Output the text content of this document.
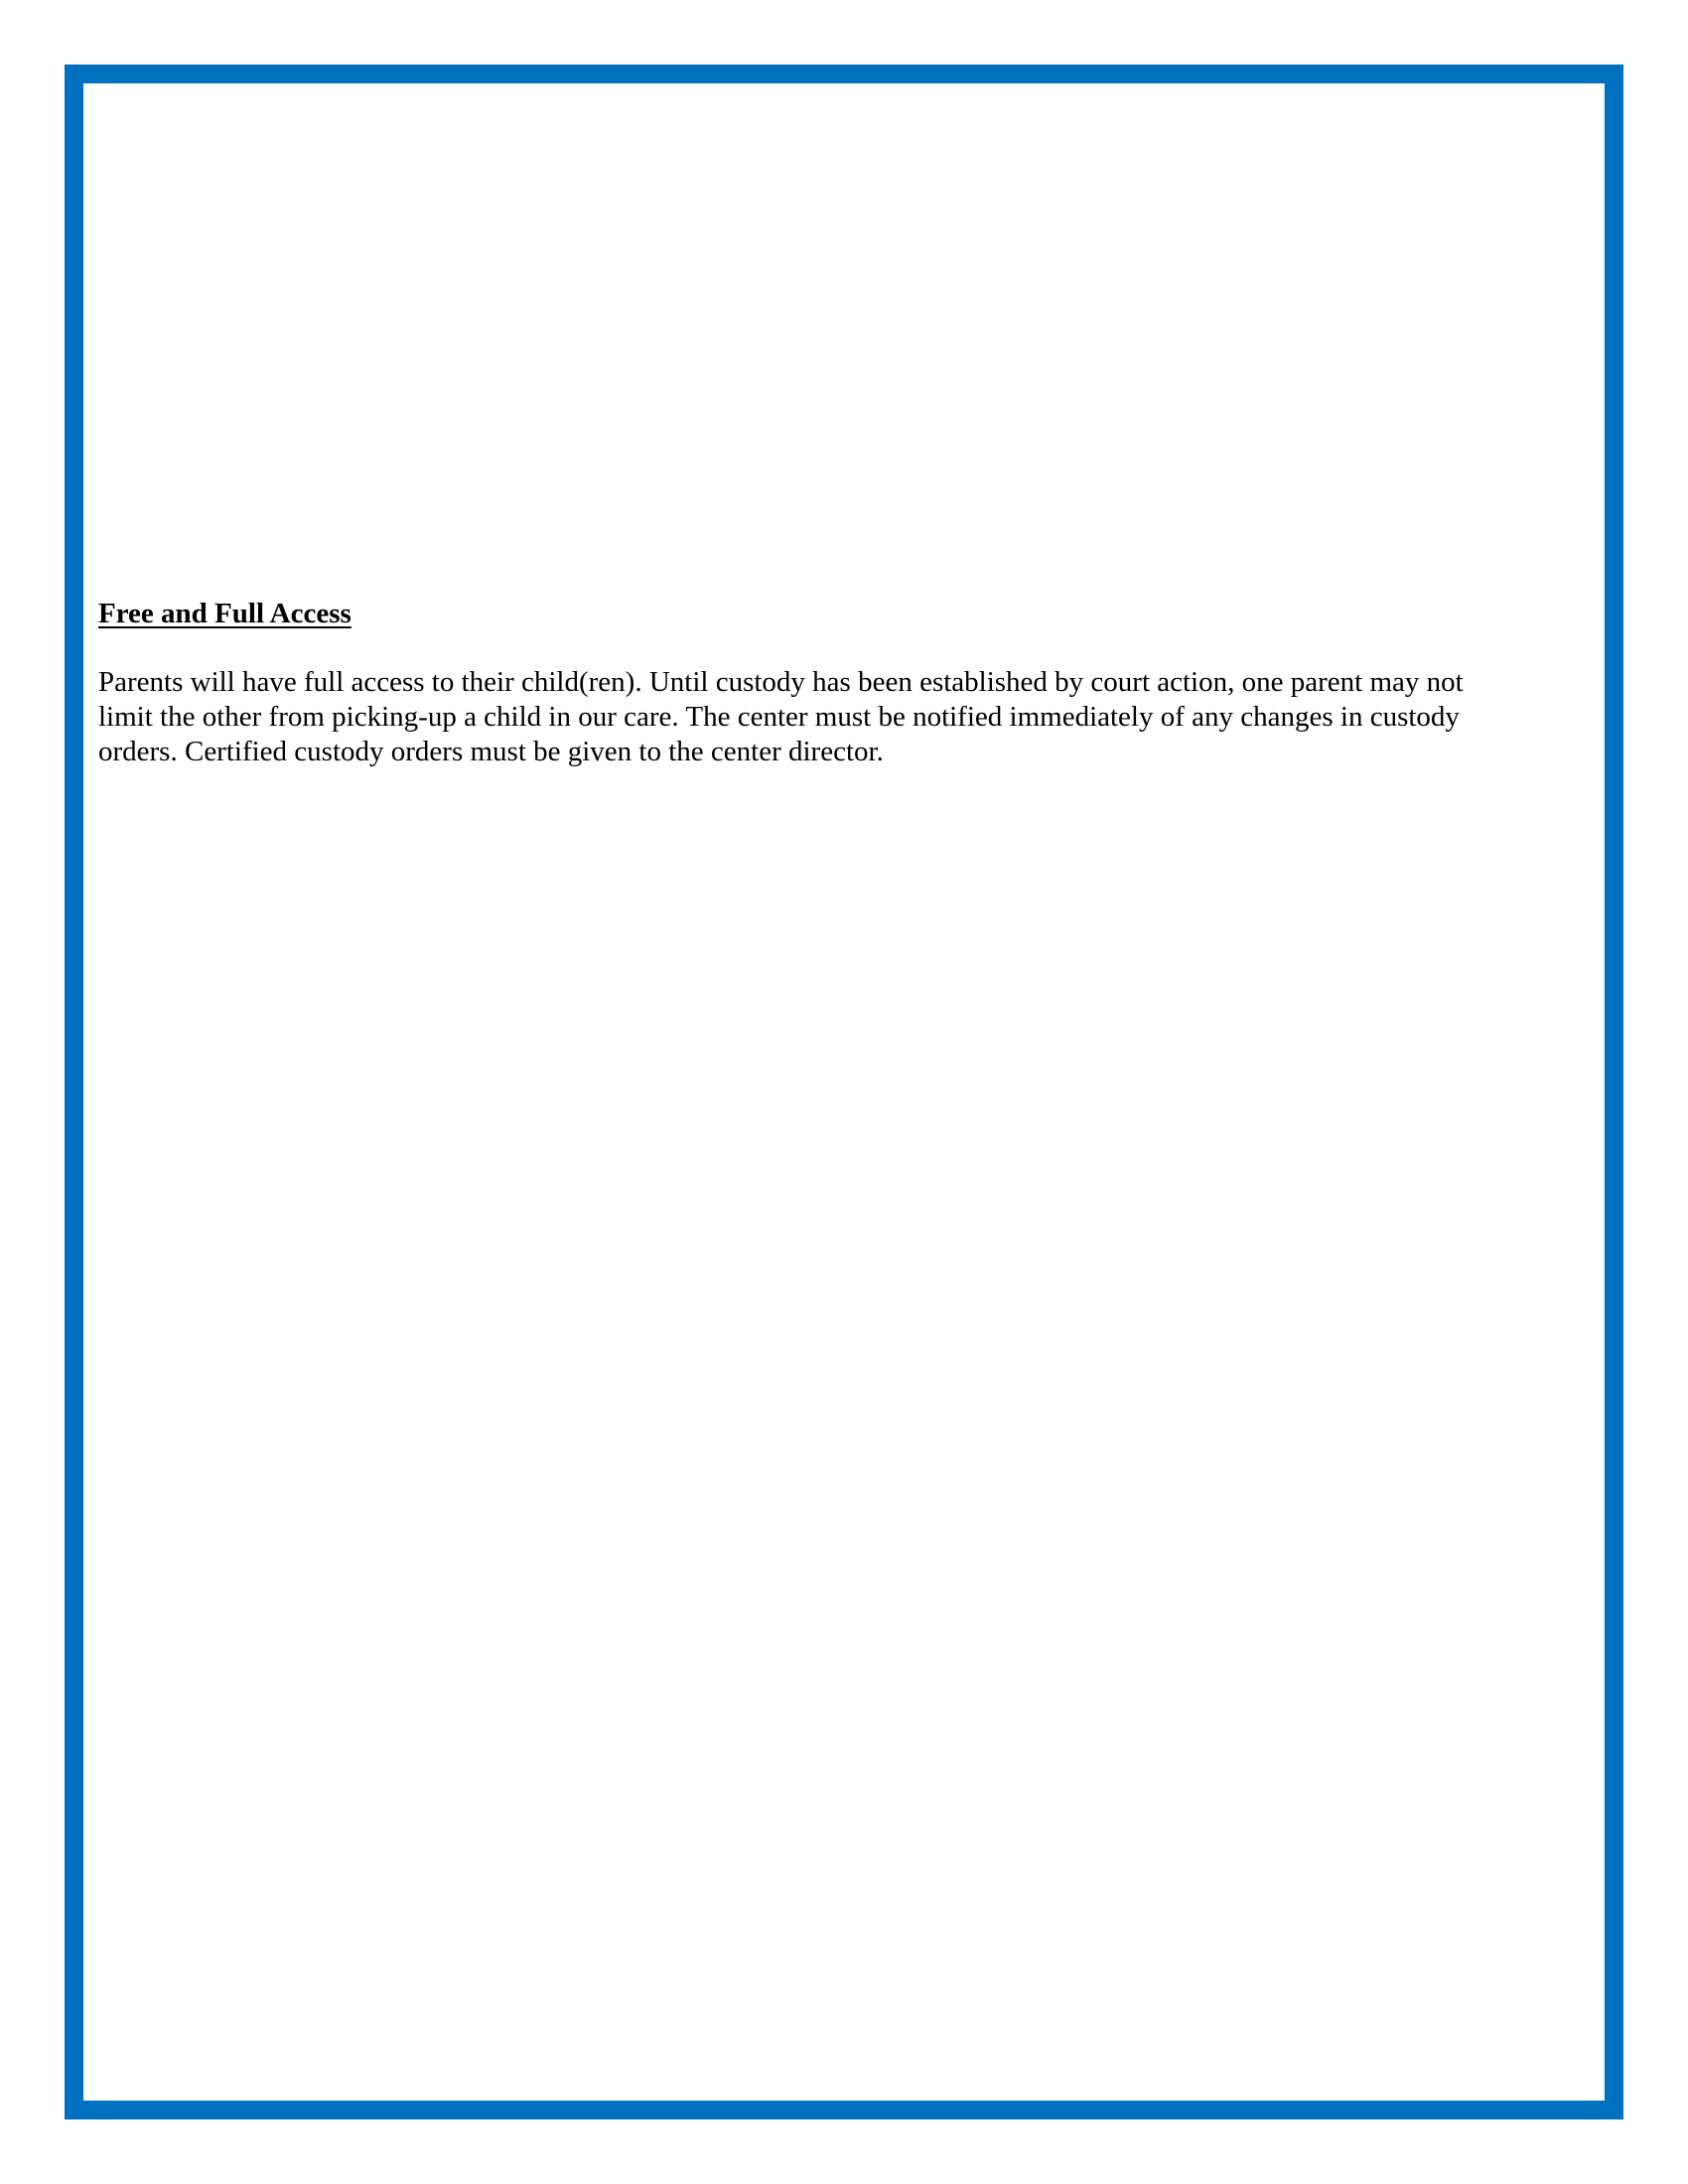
Free and Full Access

Parents will have full access to their child(ren). Until custody has been established by court action, one parent may not
limit the other from picking-up a child in our care. The center must be notified immediately of any changes in custody
orders. Certified custody orders must be given to the center director.
